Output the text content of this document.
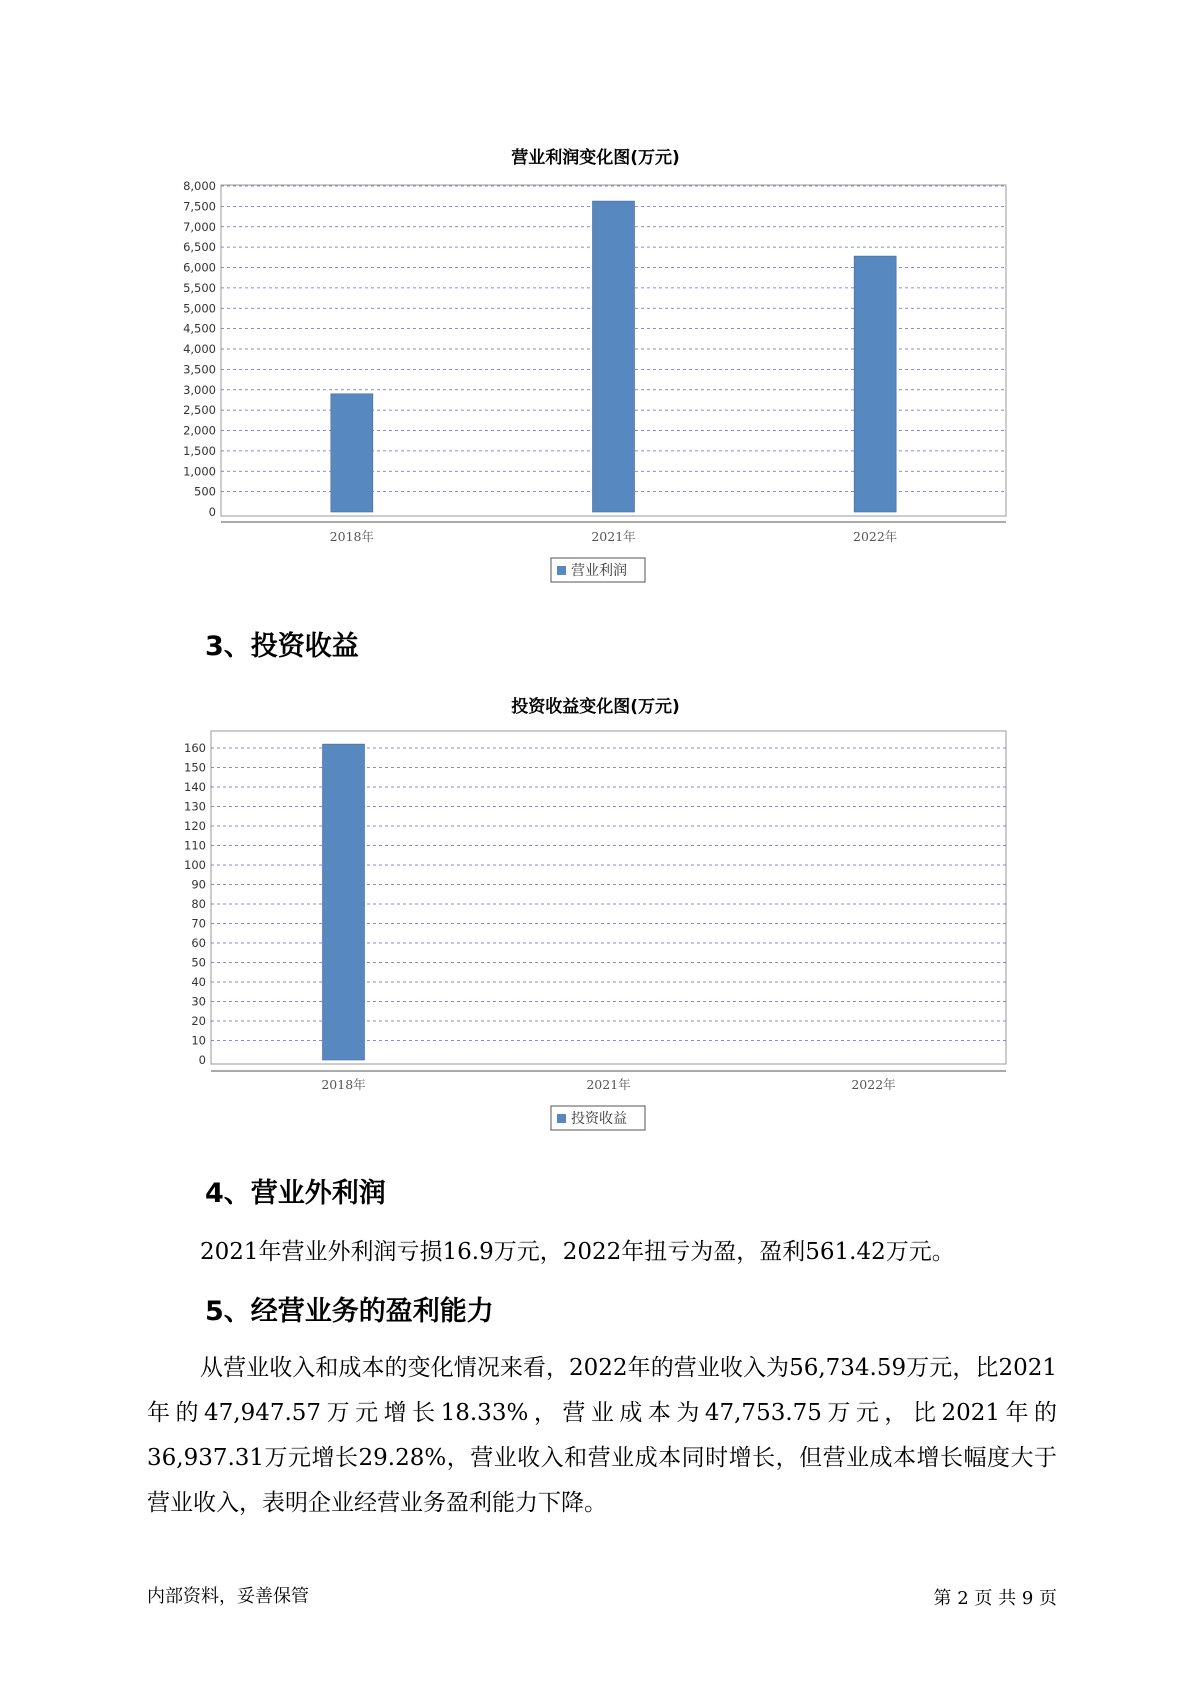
营业利润变化图(万元)
0
500
1,000
1,500
2,000
2,500
3,000
3,500
4,000
4,500
5,000
5,500
6,000
6,500
7,000
7,500
8,000
2018年	2021年	2022年
营业利润
3、投资收益
投资收益变化图(万元)
0
10
20
30
40
50
60
70
80
90
100
110
120
130
140
150
160
2018年	2021年	2022年
投资收益
4、营业外利润
2021年营业外利润亏损16.9万元，2022年扭亏为盈，盈利561.42万元。
5、经营业务的盈利能力
从营业收入和成本的变化情况来看，2022年的营业收入为56,734.59万元，比2021年的47,947.57万元增长18.33%，营业成本为47,753.75万元，比2021年的36,937.31万元增长29.28%，营业收入和营业成本同时增长，但营业成本增长幅度大于营业收入，表明企业经营业务盈利能力下降。
内部资料，妥善保管	第 2 页 共 9 页
